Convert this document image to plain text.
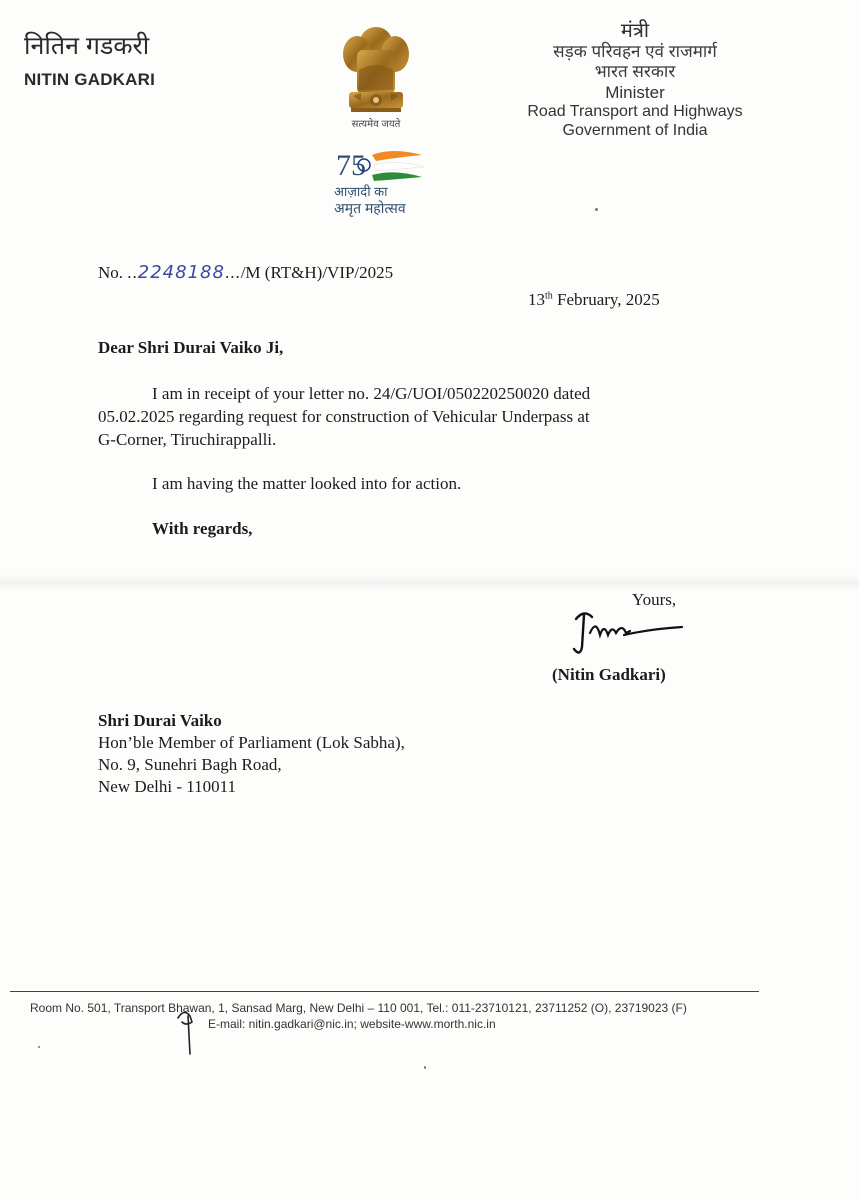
नितिन गडकरी
NITIN GADKARI
सत्यमेव जयते
75
आज़ादी का
अमृत महोत्सव
मंत्री
सड़क परिवहन एवं राजमार्ग
भारत सरकार
Minister
Road Transport and Highways
Government of India
No. ..2248188.../M (RT&H)/VIP/2025
13th February, 2025
Dear Shri Durai Vaiko Ji,
I am in receipt of your letter no. 24/G/UOI/050220250020 dated
05.02.2025 regarding request for construction of Vehicular Underpass at
G-Corner, Tiruchirappalli.
I am having the matter looked into for action.
With regards,
Yours,
(Nitin Gadkari)
Shri Durai Vaiko
Hon’ble Member of Parliament (Lok Sabha),
No. 9, Sunehri Bagh Road,
New Delhi - 110011
Room No. 501, Transport Bhawan, 1, Sansad Marg, New Delhi – 110 001, Tel.: 011-23710121, 23711252 (O), 23719023 (F)
E-mail: nitin.gadkari@nic.in; website-www.morth.nic.in
